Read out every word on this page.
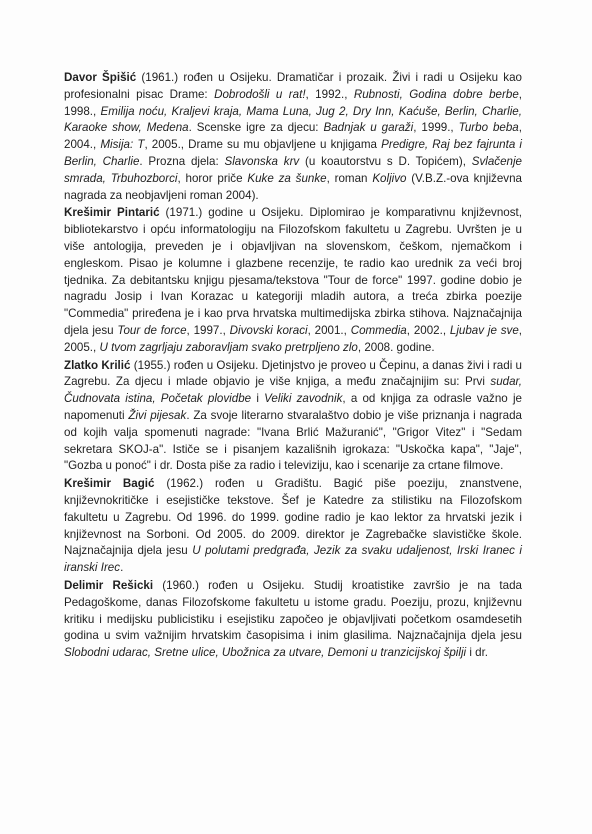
Davor Špišić (1961.) rođen u Osijeku. Dramatičar i prozaik. Živi i radi u Osijeku kao profesionalni pisac Drame: Dobrodošli u rat!, 1992., Rubnosti, Godina dobre berbe, 1998., Emilija noću, Kraljevi kraja, Mama Luna, Jug 2, Dry Inn, Kaćuše, Berlin, Charlie, Karaoke show, Medena. Scenske igre za djecu: Badnjak u garaži, 1999., Turbo beba, 2004., Misija: T, 2005., Drame su mu objavljene u knjigama Predigre, Raj bez fajrunta i Berlin, Charlie. Prozna djela: Slavonska krv (u koautorstvu s D. Topićem), Svlačenje smrada, Trbuhozborci, horor priče Kuke za šunke, roman Koljivo (V.B.Z.-ova književna nagrada za neobjavljeni roman 2004).

Krešimir Pintarić (1971.) godine u Osijeku. Diplomirao je komparativnu književnost, bibliotekarstvo i opću informatologiju na Filozofskom fakultetu u Zagrebu. Uvršten je u više antologija, preveden je i objavljivan na slovenskom, češkom, njemačkom i engleskom. Pisao je kolumne i glazbene recenzije, te radio kao urednik za veći broj tjednika. Za debitantsku knjigu pjesama/tekstova "Tour de force" 1997. godine dobio je nagradu Josip i Ivan Korazac u kategoriji mladih autora, a treća zbirka poezije "Commedia" priređena je i kao prva hrvatska multimedijska zbirka stihova. Najznačajnija djela jesu Tour de force, 1997., Divovski koraci, 2001., Commedia, 2002., Ljubav je sve, 2005., U tvom zagrljaju zaboravljam svako pretrpljeno zlo, 2008. godine.

Zlatko Krilić (1955.) rođen u Osijeku. Djetinjstvo je proveo u Čepinu, a danas živi i radi u Zagrebu. Za djecu i mlade objavio je više knjiga, a među značajnijim su: Prvi sudar, Čudnovata istina, Početak plovidbe i Veliki zavodnik, a od knjiga za odrasle važno je napomenuti Živi pijesak. Za svoje literarno stvaralaštvo dobio je više priznanja i nagrada od kojih valja spomenuti nagrade: "Ivana Brlić Mažuranić", "Grigor Vitez" i "Sedam sekretara SKOJ-a". Ističe se i pisanjem kazališnih igrokaza: "Uskočka kapa", "Jaje", "Gozba u ponoć" i dr. Dosta piše za radio i televiziju, kao i scenarije za crtane filmove.

Krešimir Bagić (1962.) rođen u Gradištu. Bagić piše poeziju, znanstvene, književnokritičke i esejističke tekstove. Šef je Katedre za stilistiku na Filozofskom fakultetu u Zagrebu. Od 1996. do 1999. godine radio je kao lektor za hrvatski jezik i književnost na Sorboni. Od 2005. do 2009. direktor je Zagrebačke slavističke škole. Najznačajnija djela jesu U polutami predgrađa, Jezik za svaku udaljenost, Irski Iranec i iranski Irec.

Delimir Rešicki (1960.) rođen u Osijeku. Studij kroatistike završio je na tada Pedagoškome, danas Filozofskome fakultetu u istome gradu. Poeziju, prozu, književnu kritiku i medijsku publicistiku i esejistiku započeo je objavljivati početkom osamdesetih godina u svim važnijim hrvatskim časopisima i inim glasilima. Najznačajnija djela jesu Slobodni udarac, Sretne ulice, Ubožnica za utvare, Demoni u tranzicijskoj špilji i dr.
